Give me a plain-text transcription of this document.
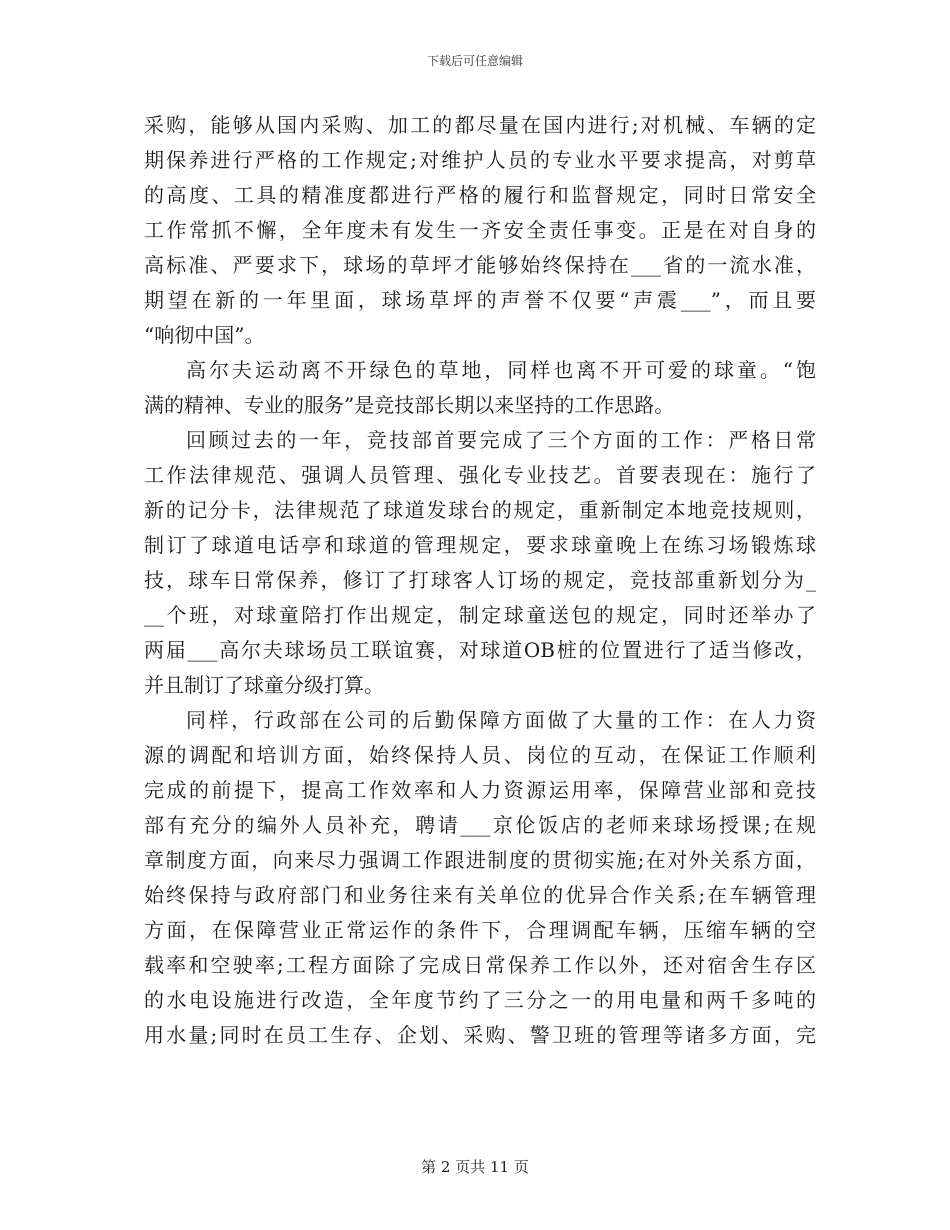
下载后可任意编辑
采购，能够从国内采购、加工的都尽量在国内进行;对机械、车辆的定
期保养进行严格的工作规定;对维护人员的专业水平要求提高，对剪草
的高度、工具的精准度都进行严格的履行和监督规定，同时日常安全
工作常抓不懈，全年度未有发生一齐安全责任事变。正是在对自身的
高标准、严要求下，球场的草坪才能够始终保持在___省的一流水准，
期望在新的一年里面，球场草坪的声誉不仅要“声震___”，而且要
“响彻中国”。
高尔夫运动离不开绿色的草地，同样也离不开可爱的球童。“饱
满的精神、专业的服务”是竞技部长期以来坚持的工作思路。
回顾过去的一年，竞技部首要完成了三个方面的工作：严格日常
工作法律规范、强调人员管理、强化专业技艺。首要表现在：施行了
新的记分卡，法律规范了球道发球台的规定，重新制定本地竞技规则，
制订了球道电话亭和球道的管理规定，要求球童晚上在练习场锻炼球
技，球车日常保养，修订了打球客人订场的规定，竞技部重新划分为_
__个班，对球童陪打作出规定，制定球童送包的规定，同时还举办了
两届___高尔夫球场员工联谊赛，对球道OB桩的位置进行了适当修改，
并且制订了球童分级打算。
同样，行政部在公司的后勤保障方面做了大量的工作：在人力资
源的调配和培训方面，始终保持人员、岗位的互动，在保证工作顺利
完成的前提下，提高工作效率和人力资源运用率，保障营业部和竞技
部有充分的编外人员补充，聘请___京伦饭店的老师来球场授课;在规
章制度方面，向来尽力强调工作跟进制度的贯彻实施;在对外关系方面，
始终保持与政府部门和业务往来有关单位的优异合作关系;在车辆管理
方面，在保障营业正常运作的条件下，合理调配车辆，压缩车辆的空
载率和空驶率;工程方面除了完成日常保养工作以外，还对宿舍生存区
的水电设施进行改造，全年度节约了三分之一的用电量和两千多吨的
用水量;同时在员工生存、企划、采购、警卫班的管理等诸多方面，完
第 2 页共 11 页
